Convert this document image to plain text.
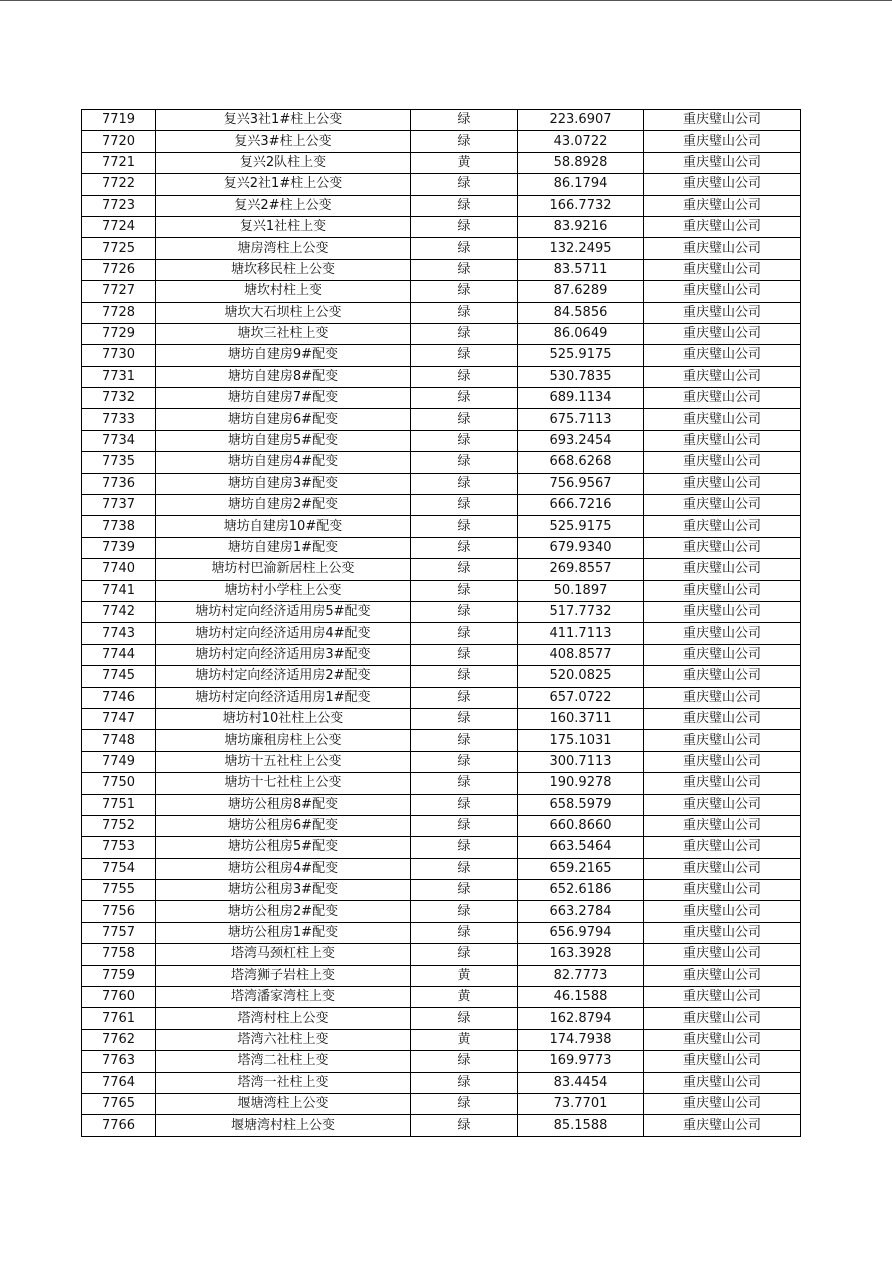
7719	复兴3社1#柱上公变	绿	223.6907	重庆璧山公司
7720	复兴3#柱上公变	绿	43.0722	重庆璧山公司
7721	复兴2队柱上变	黄	58.8928	重庆璧山公司
7722	复兴2社1#柱上公变	绿	86.1794	重庆璧山公司
7723	复兴2#柱上公变	绿	166.7732	重庆璧山公司
7724	复兴1社柱上变	绿	83.9216	重庆璧山公司
7725	塘房湾柱上公变	绿	132.2495	重庆璧山公司
7726	塘坎移民柱上公变	绿	83.5711	重庆璧山公司
7727	塘坎村柱上变	绿	87.6289	重庆璧山公司
7728	塘坎大石坝柱上公变	绿	84.5856	重庆璧山公司
7729	塘坎三社柱上变	绿	86.0649	重庆璧山公司
7730	塘坊自建房9#配变	绿	525.9175	重庆璧山公司
7731	塘坊自建房8#配变	绿	530.7835	重庆璧山公司
7732	塘坊自建房7#配变	绿	689.1134	重庆璧山公司
7733	塘坊自建房6#配变	绿	675.7113	重庆璧山公司
7734	塘坊自建房5#配变	绿	693.2454	重庆璧山公司
7735	塘坊自建房4#配变	绿	668.6268	重庆璧山公司
7736	塘坊自建房3#配变	绿	756.9567	重庆璧山公司
7737	塘坊自建房2#配变	绿	666.7216	重庆璧山公司
7738	塘坊自建房10#配变	绿	525.9175	重庆璧山公司
7739	塘坊自建房1#配变	绿	679.9340	重庆璧山公司
7740	塘坊村巴渝新居柱上公变	绿	269.8557	重庆璧山公司
7741	塘坊村小学柱上公变	绿	50.1897	重庆璧山公司
7742	塘坊村定向经济适用房5#配变	绿	517.7732	重庆璧山公司
7743	塘坊村定向经济适用房4#配变	绿	411.7113	重庆璧山公司
7744	塘坊村定向经济适用房3#配变	绿	408.8577	重庆璧山公司
7745	塘坊村定向经济适用房2#配变	绿	520.0825	重庆璧山公司
7746	塘坊村定向经济适用房1#配变	绿	657.0722	重庆璧山公司
7747	塘坊村10社柱上公变	绿	160.3711	重庆璧山公司
7748	塘坊廉租房柱上公变	绿	175.1031	重庆璧山公司
7749	塘坊十五社柱上公变	绿	300.7113	重庆璧山公司
7750	塘坊十七社柱上公变	绿	190.9278	重庆璧山公司
7751	塘坊公租房8#配变	绿	658.5979	重庆璧山公司
7752	塘坊公租房6#配变	绿	660.8660	重庆璧山公司
7753	塘坊公租房5#配变	绿	663.5464	重庆璧山公司
7754	塘坊公租房4#配变	绿	659.2165	重庆璧山公司
7755	塘坊公租房3#配变	绿	652.6186	重庆璧山公司
7756	塘坊公租房2#配变	绿	663.2784	重庆璧山公司
7757	塘坊公租房1#配变	绿	656.9794	重庆璧山公司
7758	塔湾马颈杠柱上变	绿	163.3928	重庆璧山公司
7759	塔湾狮子岩柱上变	黄	82.7773	重庆璧山公司
7760	塔湾潘家湾柱上变	黄	46.1588	重庆璧山公司
7761	塔湾村柱上公变	绿	162.8794	重庆璧山公司
7762	塔湾六社柱上变	黄	174.7938	重庆璧山公司
7763	塔湾二社柱上变	绿	169.9773	重庆璧山公司
7764	塔湾一社柱上变	绿	83.4454	重庆璧山公司
7765	堰塘湾柱上公变	绿	73.7701	重庆璧山公司
7766	堰塘湾村柱上公变	绿	85.1588	重庆璧山公司
